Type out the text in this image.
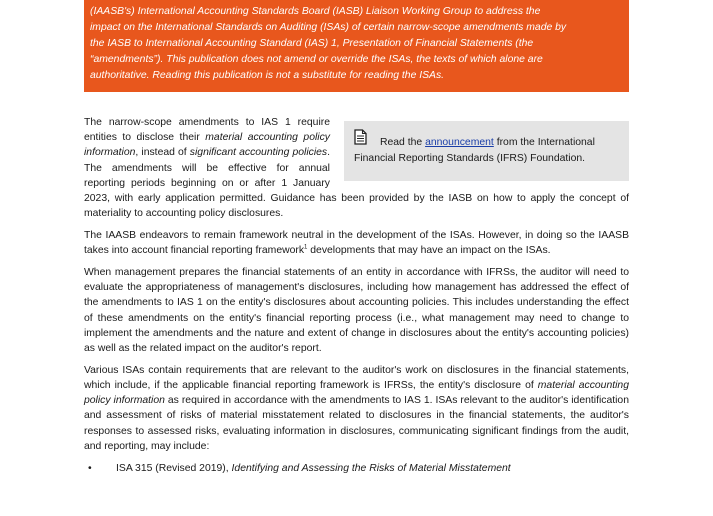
(IAASB's) International Accounting Standards Board (IASB) Liaison Working Group to address the

impact on the International Standards on Auditing (ISAs) of certain narrow-scope amendments made by

the IASB to International Accounting Standard (IAS) 1, Presentation of Financial Statements (the

“amendments”). This publication does not amend or override the ISAs, the texts of which alone are

authoritative. Reading this publication is not a substitute for reading the ISAs.

Read the announcement from the International
Financial Reporting Standards (IFRS) Foundation.

The narrow-scope amendments to IAS 1 require entities to disclose their material accounting policy information, instead of significant accounting policies. The amendments will be effective for annual reporting periods beginning on or after 1 January 2023, with early application permitted. Guidance has been provided by the IASB on how to apply the concept of materiality to accounting policy disclosures.

The IAASB endeavors to remain framework neutral in the development of the ISAs. However, in doing so the IAASB takes into account financial reporting framework$^1$ developments that may have an impact on the ISAs.

When management prepares the financial statements of an entity in accordance with IFRSs, the auditor will need to evaluate the appropriateness of management's disclosures, including how management has addressed the effect of the amendments to IAS 1 on the entity's disclosures about accounting policies. This includes understanding the effect of these amendments on the entity's financial reporting process (i.e., what management may need to change to implement the amendments and the nature and extent of change in disclosures about the entity's accounting policies) as well as the related impact on the auditor's report.

Various ISAs contain requirements that are relevant to the auditor's work on disclosures in the financial statements, which include, if the applicable financial reporting framework is IFRSs, the entity's disclosure of material accounting policy information as required in accordance with the amendments to IAS 1. ISAs relevant to the auditor's identification and assessment of risks of material misstatement related to disclosures in the financial statements, the auditor's responses to assessed risks, evaluating information in disclosures, communicating significant findings from the audit, and reporting, may include:

• ISA 315 (Revised 2019), Identifying and Assessing the Risks of Material Misstatement
